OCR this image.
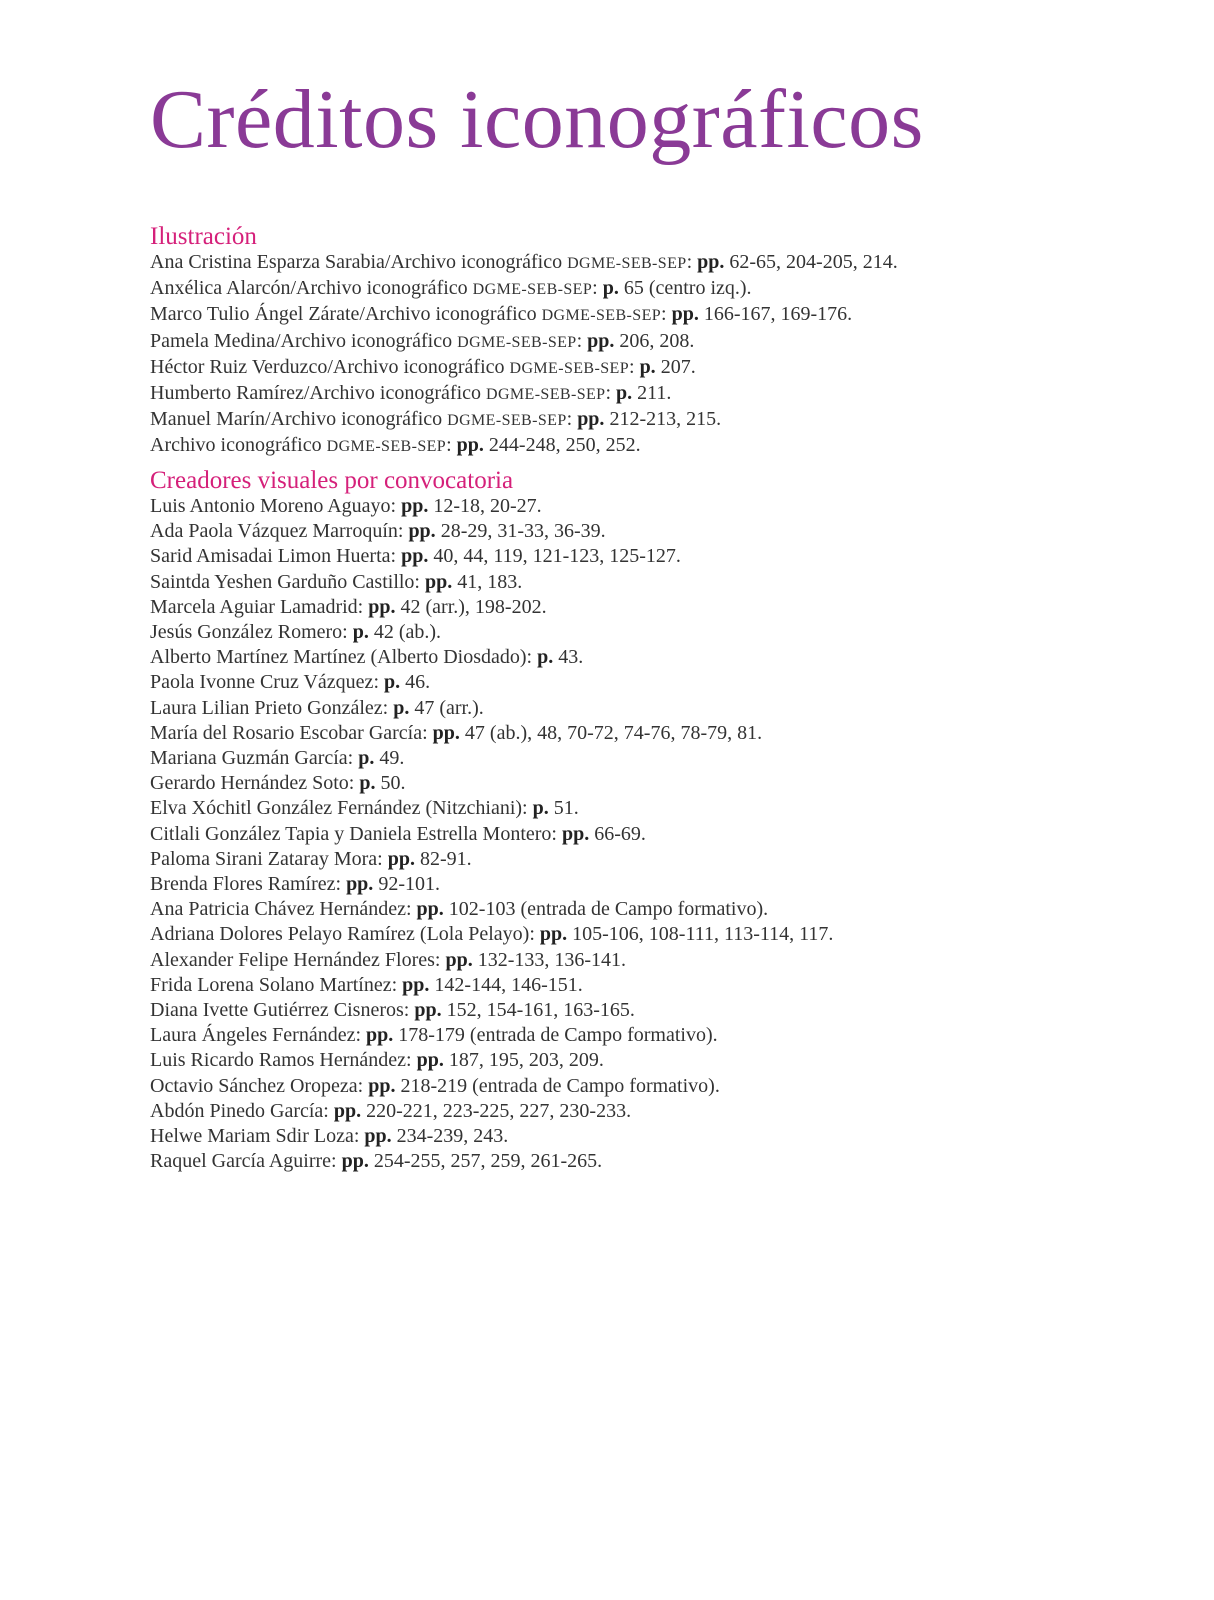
Créditos iconográficos
Ilustración
Ana Cristina Esparza Sarabia/Archivo iconográfico DGME-SEB-SEP: pp. 62-65, 204-205, 214.
Anxélica Alarcón/Archivo iconográfico DGME-SEB-SEP: p. 65 (centro izq.).
Marco Tulio Ángel Zárate/Archivo iconográfico DGME-SEB-SEP: pp. 166-167, 169-176.
Pamela Medina/Archivo iconográfico DGME-SEB-SEP: pp. 206, 208.
Héctor Ruiz Verduzco/Archivo iconográfico DGME-SEB-SEP: p. 207.
Humberto Ramírez/Archivo iconográfico DGME-SEB-SEP: p. 211.
Manuel Marín/Archivo iconográfico DGME-SEB-SEP: pp. 212-213, 215.
Archivo iconográfico DGME-SEB-SEP: pp. 244-248, 250, 252.
Creadores visuales por convocatoria
Luis Antonio Moreno Aguayo: pp. 12-18, 20-27.
Ada Paola Vázquez Marroquín: pp. 28-29, 31-33, 36-39.
Sarid Amisadai Limon Huerta: pp. 40, 44, 119, 121-123, 125-127.
Saintda Yeshen Garduño Castillo: pp. 41, 183.
Marcela Aguiar Lamadrid: pp. 42 (arr.), 198-202.
Jesús González Romero: p. 42 (ab.).
Alberto Martínez Martínez (Alberto Diosdado): p. 43.
Paola Ivonne Cruz Vázquez: p. 46.
Laura Lilian Prieto González: p. 47 (arr.).
María del Rosario Escobar García: pp. 47 (ab.), 48, 70-72, 74-76, 78-79, 81.
Mariana Guzmán García: p. 49.
Gerardo Hernández Soto: p. 50.
Elva Xóchitl González Fernández (Nitzchiani): p. 51.
Citlali González Tapia y Daniela Estrella Montero: pp. 66-69.
Paloma Sirani Zataray Mora: pp. 82-91.
Brenda Flores Ramírez: pp. 92-101.
Ana Patricia Chávez Hernández: pp. 102-103 (entrada de Campo formativo).
Adriana Dolores Pelayo Ramírez (Lola Pelayo): pp. 105-106, 108-111, 113-114, 117.
Alexander Felipe Hernández Flores: pp. 132-133, 136-141.
Frida Lorena Solano Martínez: pp. 142-144, 146-151.
Diana Ivette Gutiérrez Cisneros: pp. 152, 154-161, 163-165.
Laura Ángeles Fernández: pp. 178-179 (entrada de Campo formativo).
Luis Ricardo Ramos Hernández: pp. 187, 195, 203, 209.
Octavio Sánchez Oropeza: pp. 218-219 (entrada de Campo formativo).
Abdón Pinedo García: pp. 220-221, 223-225, 227, 230-233.
Helwe Mariam Sdir Loza: pp. 234-239, 243.
Raquel García Aguirre: pp. 254-255, 257, 259, 261-265.
